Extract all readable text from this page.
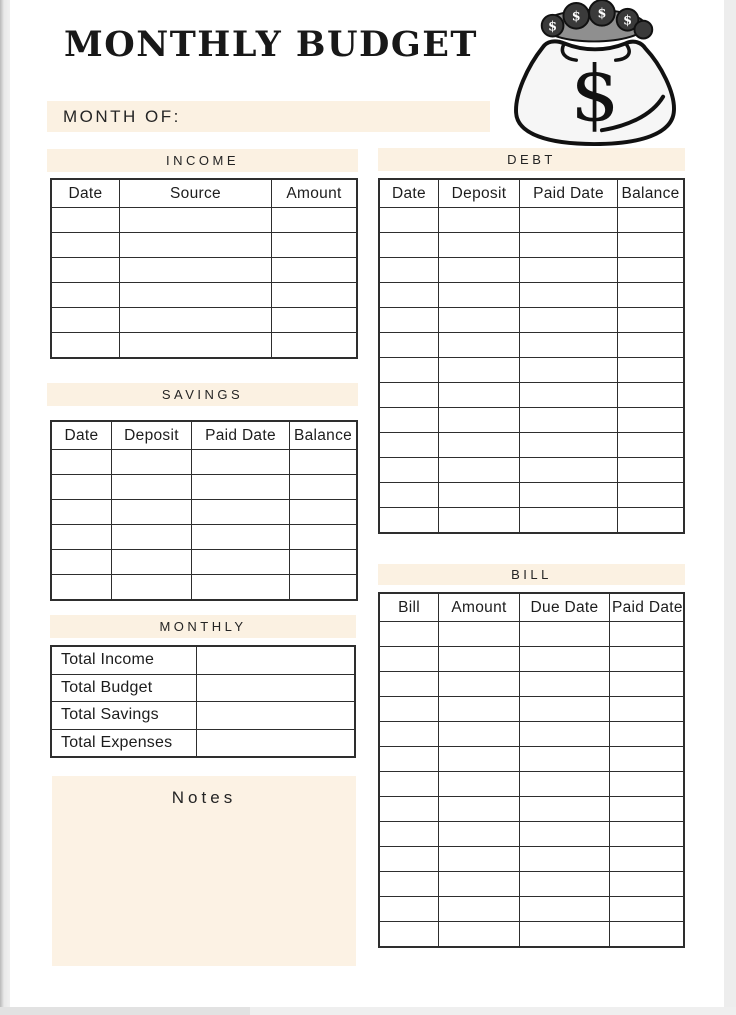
MONTHLY BUDGET	$
$ $ $
$
MONTH OF:
INCOME
Date	Source	Amount

SAVINGS
Date	Deposit	Paid Date	Balance

MONTHLY
Total Income	
Total Budget	
Total Savings	
Total Expenses	
Notes
DEBT
Date	Deposit	Paid Date	Balance

BILL
Bill	Amount	Due Date	Paid Date
